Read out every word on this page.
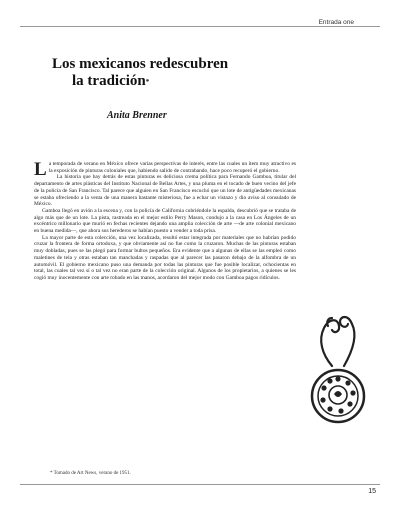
Entrada one
Los mexicanos redescubren
la tradición*
Anita Brenner

La temporada de verano en México ofrece varias perspectivas de interés, entre las cuales un ítem muy atractivo es la exposición de pinturas coloniales que, habiendo salido de contrabando, hace poco recuperó el gobierno.

La historia que hay detrás de estas pinturas es deliciosa crema política para Fernando Gamboa, titular del departamento de artes plásticas del Instituto Nacional de Bellas Artes, y una pluma en el tocado de buen vecino del jefe de la policía de San Francisco. Tal parece que alguien en San Francisco escuchó que un lote de antigüedades mexicanas se estaba ofreciendo a la venta de una manera bastante misteriosa, fue a echar un vistazo y dio aviso al consulado de México.

Gamboa llegó en avión a la escena y, con la policía de California cubriéndole la espalda, descubrió que se trataba de algo más que de un lote. La pista, rastreada en el mejor estilo Perry Mason, condujo a la casa en Los Ángeles de un excéntrico millonario que murió en fechas recientes dejando una amplia colección de arte —de arte colonial mexicano en buena medida—, que ahora sus herederos se habían puesto a vender a toda prisa.

La mayor parte de esta colección, una vez localizada, resultó estar integrada por materiales que no habrían podido cruzar la frontera de forma ortodoxa, y que obviamente así no fue como la cruzaron. Muchas de las pinturas estaban muy dobladas, pues se las plegó para formar bultos pequeños. Era evidente que a algunas de ellas se las empleó como maletines de tela y otras estaban tan manchadas y raspadas que al parecer las pasaron debajo de la alfombra de un automóvil. El gobierno mexicano puso una demanda por todas las pinturas que fue posible localizar, ochocientas en total, las cuales tal vez sí o tal vez no eran parte de la colección original. Algunos de los propietarios, a quienes se les cogió muy inocentemente con arte robado en las manos, acordaron del mejor modo con Gamboa pagos ridículos.

* Tomado de Art News, verano de 1951.
15
